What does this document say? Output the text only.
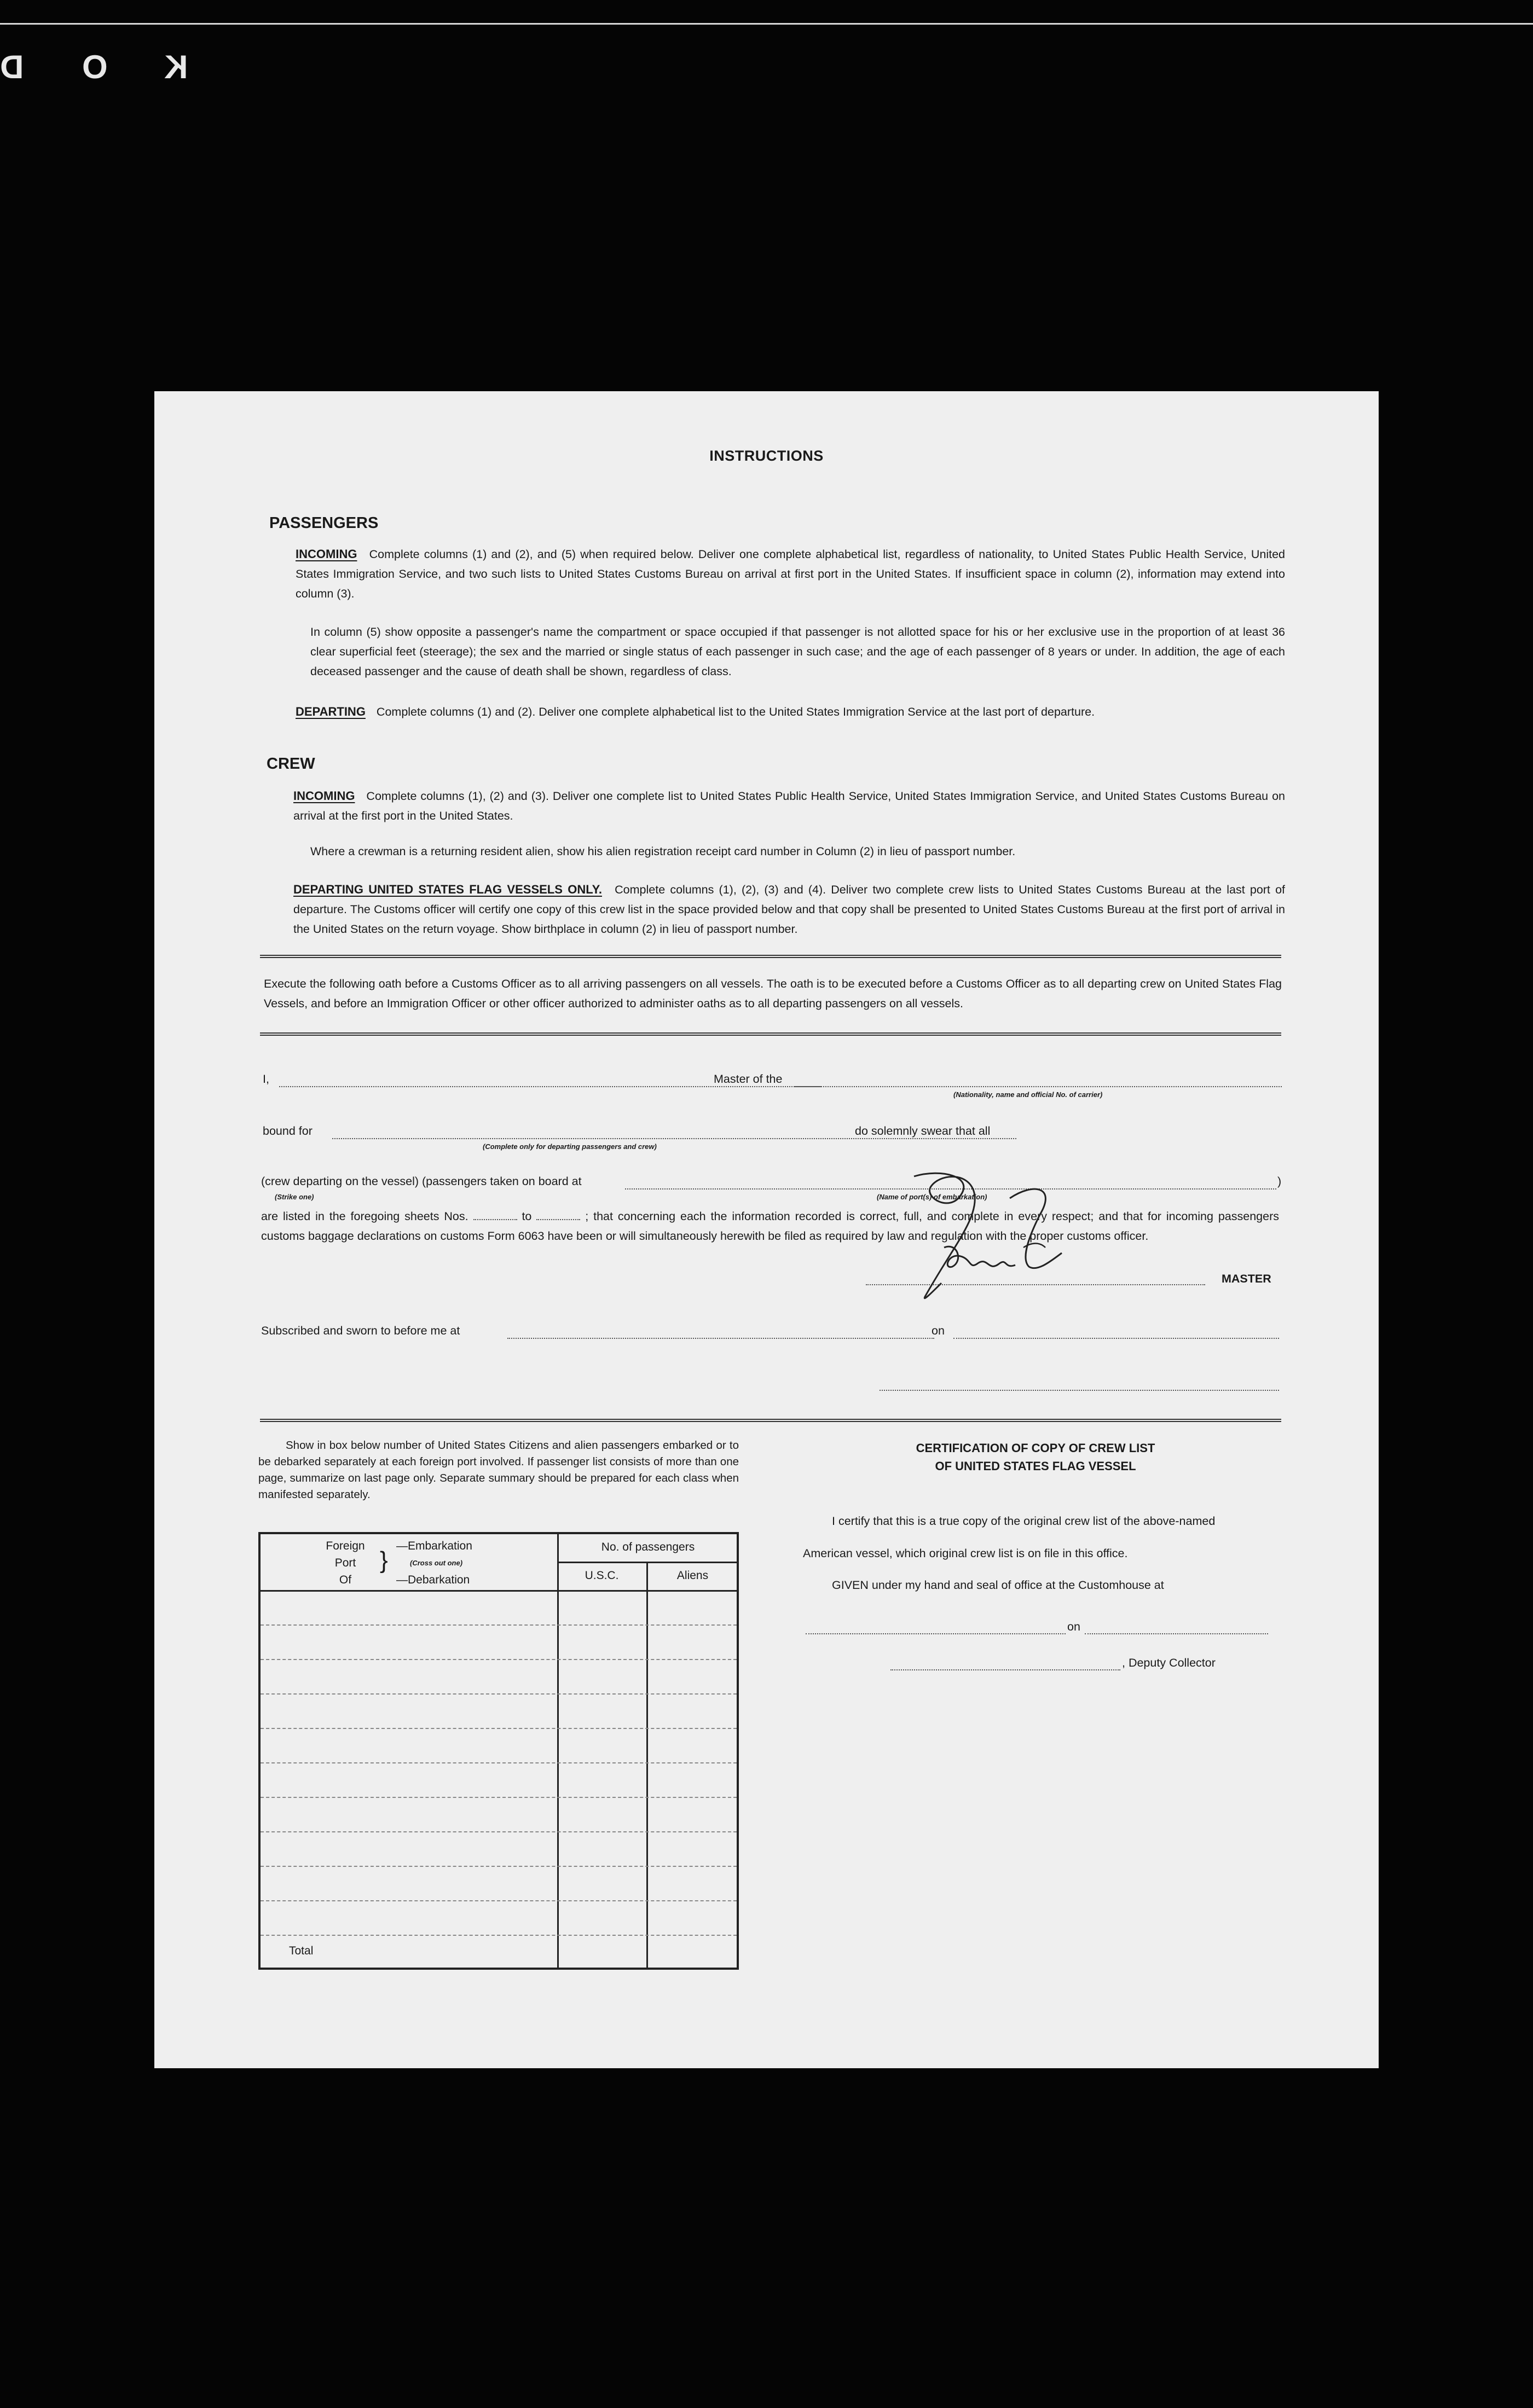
D O K
INSTRUCTIONS
PASSENGERS
INCOMING Complete columns (1) and (2), and (5) when required below. Deliver one complete alphabetical list, regardless of nationality, to United States Public Health Service, United States Immigration Service, and two such lists to United States Customs Bureau on arrival at first port in the United States. If insufficient space in column (2), information may extend into column (3).
In column (5) show opposite a passenger's name the compartment or space occupied if that passenger is not allotted space for his or her exclusive use in the proportion of at least 36 clear superficial feet (steerage); the sex and the married or single status of each passenger in such case; and the age of each passenger of 8 years or under. In addition, the age of each deceased passenger and the cause of death shall be shown, regardless of class.
DEPARTING Complete columns (1) and (2). Deliver one complete alphabetical list to the United States Immigration Service at the last port of departure.
CREW
INCOMING Complete columns (1), (2) and (3). Deliver one complete list to United States Public Health Service, United States Immigration Service, and United States Customs Bureau on arrival at the first port in the United States.
Where a crewman is a returning resident alien, show his alien registration receipt card number in Column (2) in lieu of passport number.
DEPARTING UNITED STATES FLAG VESSELS ONLY. Complete columns (1), (2), (3) and (4). Deliver two complete crew lists to United States Customs Bureau at the last port of departure. The Customs officer will certify one copy of this crew list in the space provided below and that copy shall be presented to United States Customs Bureau at the first port of arrival in the United States on the return voyage. Show birthplace in column (2) in lieu of passport number.
Execute the following oath before a Customs Officer as to all arriving passengers on all vessels. The oath is to be executed before a Customs Officer as to all departing crew on United States Flag Vessels, and before an Immigration Officer or other officer authorized to administer oaths as to all departing passengers on all vessels.
I,	Master of the
(Nationality, name and official No. of carrier)
bound for
(Complete only for departing passengers and crew)
do solemnly swear that all
(crew departing on the vessel) (passengers taken on board at	)
(Strike one)	(Name of port(s) of embarkation)
are listed in the foregoing sheets Nos.	to	; that concerning each the information recorded is correct, full, and complete in every respect; and that for incoming passengers customs baggage declarations on customs Form 6063 have been or will simultaneously herewith be filed as required by law and regulation with the proper customs officer.
MASTER
Subscribed and sworn to before me at	on
Show in box below number of United States Citizens and alien passengers embarked or to be debarked separately at each foreign port involved. If passenger list consists of more than one page, summarize on last page only. Separate summary should be prepared for each class when manifested separately.
Foreign
Port
Of
}
—Embarkation
(Cross out one)
—Debarkation
No. of passengers
U.S.C.	Aliens
Total
CERTIFICATION OF COPY OF CREW LIST
OF UNITED STATES FLAG VESSEL
I certify that this is a true copy of the original crew list of the above-named
American vessel, which original crew list is on file in this office.
GIVEN under my hand and seal of office at the Customhouse at
on
, Deputy Collector
